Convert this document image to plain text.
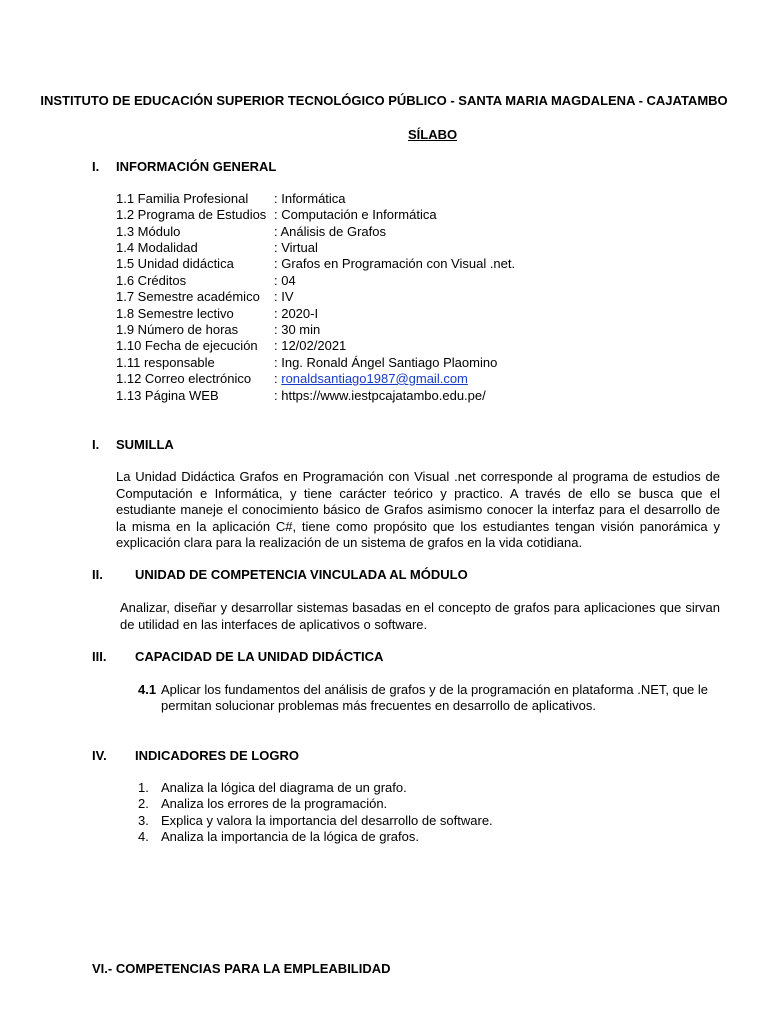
INSTITUTO DE EDUCACIÓN SUPERIOR TECNOLÓGICO PÚBLICO - SANTA MARIA MAGDALENA - CAJATAMBO
SÍLABO
I. INFORMACIÓN GENERAL
1.1 Familia Profesional : Informática
1.2 Programa de Estudios : Computación e Informática
1.3 Módulo	: Análisis de Grafos
1.4 Modalidad	: Virtual
1.5 Unidad didáctica	: Grafos en Programación con Visual .net.
1.6 Créditos	: 04
1.7 Semestre académico : IV
1.8 Semestre lectivo	: 2020-I
1.9 Número de horas	: 30 min
1.10 Fecha de ejecución : 12/02/2021
1.11 responsable	: Ing. Ronald Ángel Santiago Plaomino
1.12 Correo electrónico : ronaldsantiago1987@gmail.com
1.13 Página WEB	: https://www.iestpcajatambo.edu.pe/
I. SUMILLA
La Unidad Didáctica Grafos en Programación con Visual .net corresponde al programa de estudios de Computación e Informática, y tiene carácter teórico y practico. A través de ello se busca que el estudiante maneje el conocimiento básico de Grafos asimismo conocer la interfaz para el desarrollo de la misma en la aplicación C#, tiene como propósito que los estudiantes tengan visión panorámica y explicación clara para la realización de un sistema de grafos en la vida cotidiana.
II. UNIDAD DE COMPETENCIA VINCULADA AL MÓDULO
Analizar, diseñar y desarrollar sistemas basadas en el concepto de grafos para aplicaciones que sirvan de utilidad en las interfaces de aplicativos o software.
III. CAPACIDAD DE LA UNIDAD DIDÁCTICA
4.1 Aplicar los fundamentos del análisis de grafos y de la programación en plataforma .NET, que le
permitan solucionar problemas más frecuentes en desarrollo de aplicativos.
IV. INDICADORES DE LOGRO
1. Analiza la lógica del diagrama de un grafo.
2. Analiza los errores de la programación.
3. Explica y valora la importancia del desarrollo de software.
4. Analiza la importancia de la lógica de grafos.
VI.- COMPETENCIAS PARA LA EMPLEABILIDAD
